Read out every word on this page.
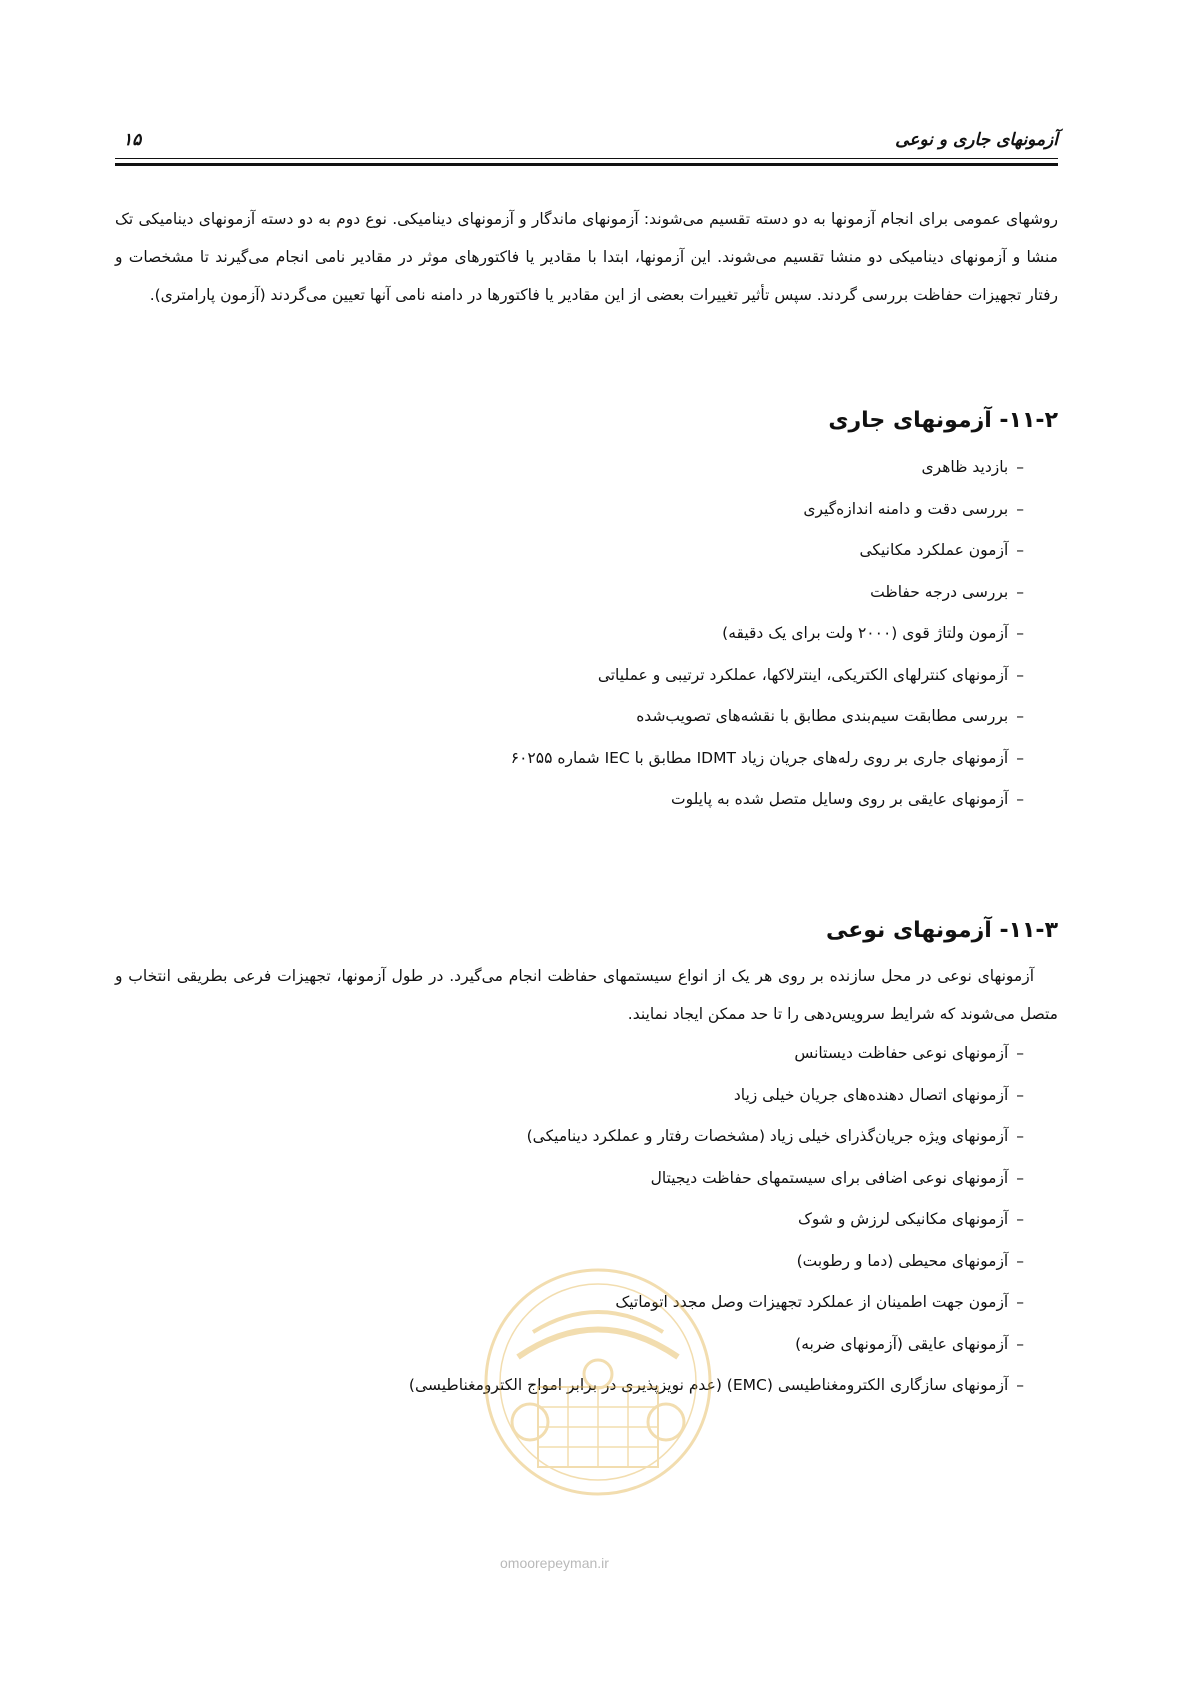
آزمونهای جاری و نوعی
۱۵

روشهای عمومی برای انجام آزمونها به دو دسته تقسیم می‌شوند: آزمونهای ماندگار و آزمونهای دینامیکی. نوع دوم به دو دسته آزمونهای دینامیکی تک منشا و آزمونهای دینامیکی دو منشا تقسیم می‌شوند. این آزمونها، ابتدا با مقادیر یا فاکتورهای موثر در مقادیر نامی انجام می‌گیرند تا مشخصات و رفتار تجهیزات حفاظت بررسی گردند. سپس تأثیر تغییرات بعضی از این مقادیر یا فاکتورها در دامنه نامی آنها تعیین می‌گردند (آزمون پارامتری).

۱۱-۲- آزمونهای جاری
–بازدید ظاهری
–بررسی دقت و دامنه اندازه‌گیری
–آزمون عملکرد مکانیکی
–بررسی درجه حفاظت
–آزمون ولتاژ قوی (۲۰۰۰ ولت برای یک دقیقه)
–آزمونهای کنترلهای الکتریکی، اینترلاکها، عملکرد ترتیبی و عملیاتی
–بررسی مطابقت سیم‌بندی مطابق با نقشه‌های تصویب‌شده
–آزمونهای جاری بر روی رله‌های جریان زیاد IDMT مطابق با IEC شماره ۶۰۲۵۵
–آزمونهای عایقی بر روی وسایل متصل شده به پایلوت
۱۱-۳- آزمونهای نوعی

آزمونهای نوعی در محل سازنده بر روی هر یک از انواع سیستمهای حفاظت انجام می‌گیرد. در طول آزمونها، تجهیزات فرعی بطریقی انتخاب و متصل می‌شوند که شرایط سرویس‌دهی را تا حد ممکن ایجاد نمایند.

–آزمونهای نوعی حفاظت دیستانس
–آزمونهای اتصال دهنده‌های جریان خیلی زیاد
–آزمونهای ویژه جریان‌گذرای خیلی زیاد (مشخصات رفتار و عملکرد دینامیکی)
–آزمونهای نوعی اضافی برای سیستمهای حفاظت دیجیتال
–آزمونهای مکانیکی لرزش و شوک
–آزمونهای محیطی (دما و رطوبت)
–آزمون جهت اطمینان از عملکرد تجهیزات وصل مجدد اتوماتیک
–آزمونهای عایقی (آزمونهای ضربه)
–آزمونهای سازگاری الکترومغناطیسی (EMC) (عدم نویزپذیری در برابر امواج الکترومغناطیسی)
omoorepeyman.ir
